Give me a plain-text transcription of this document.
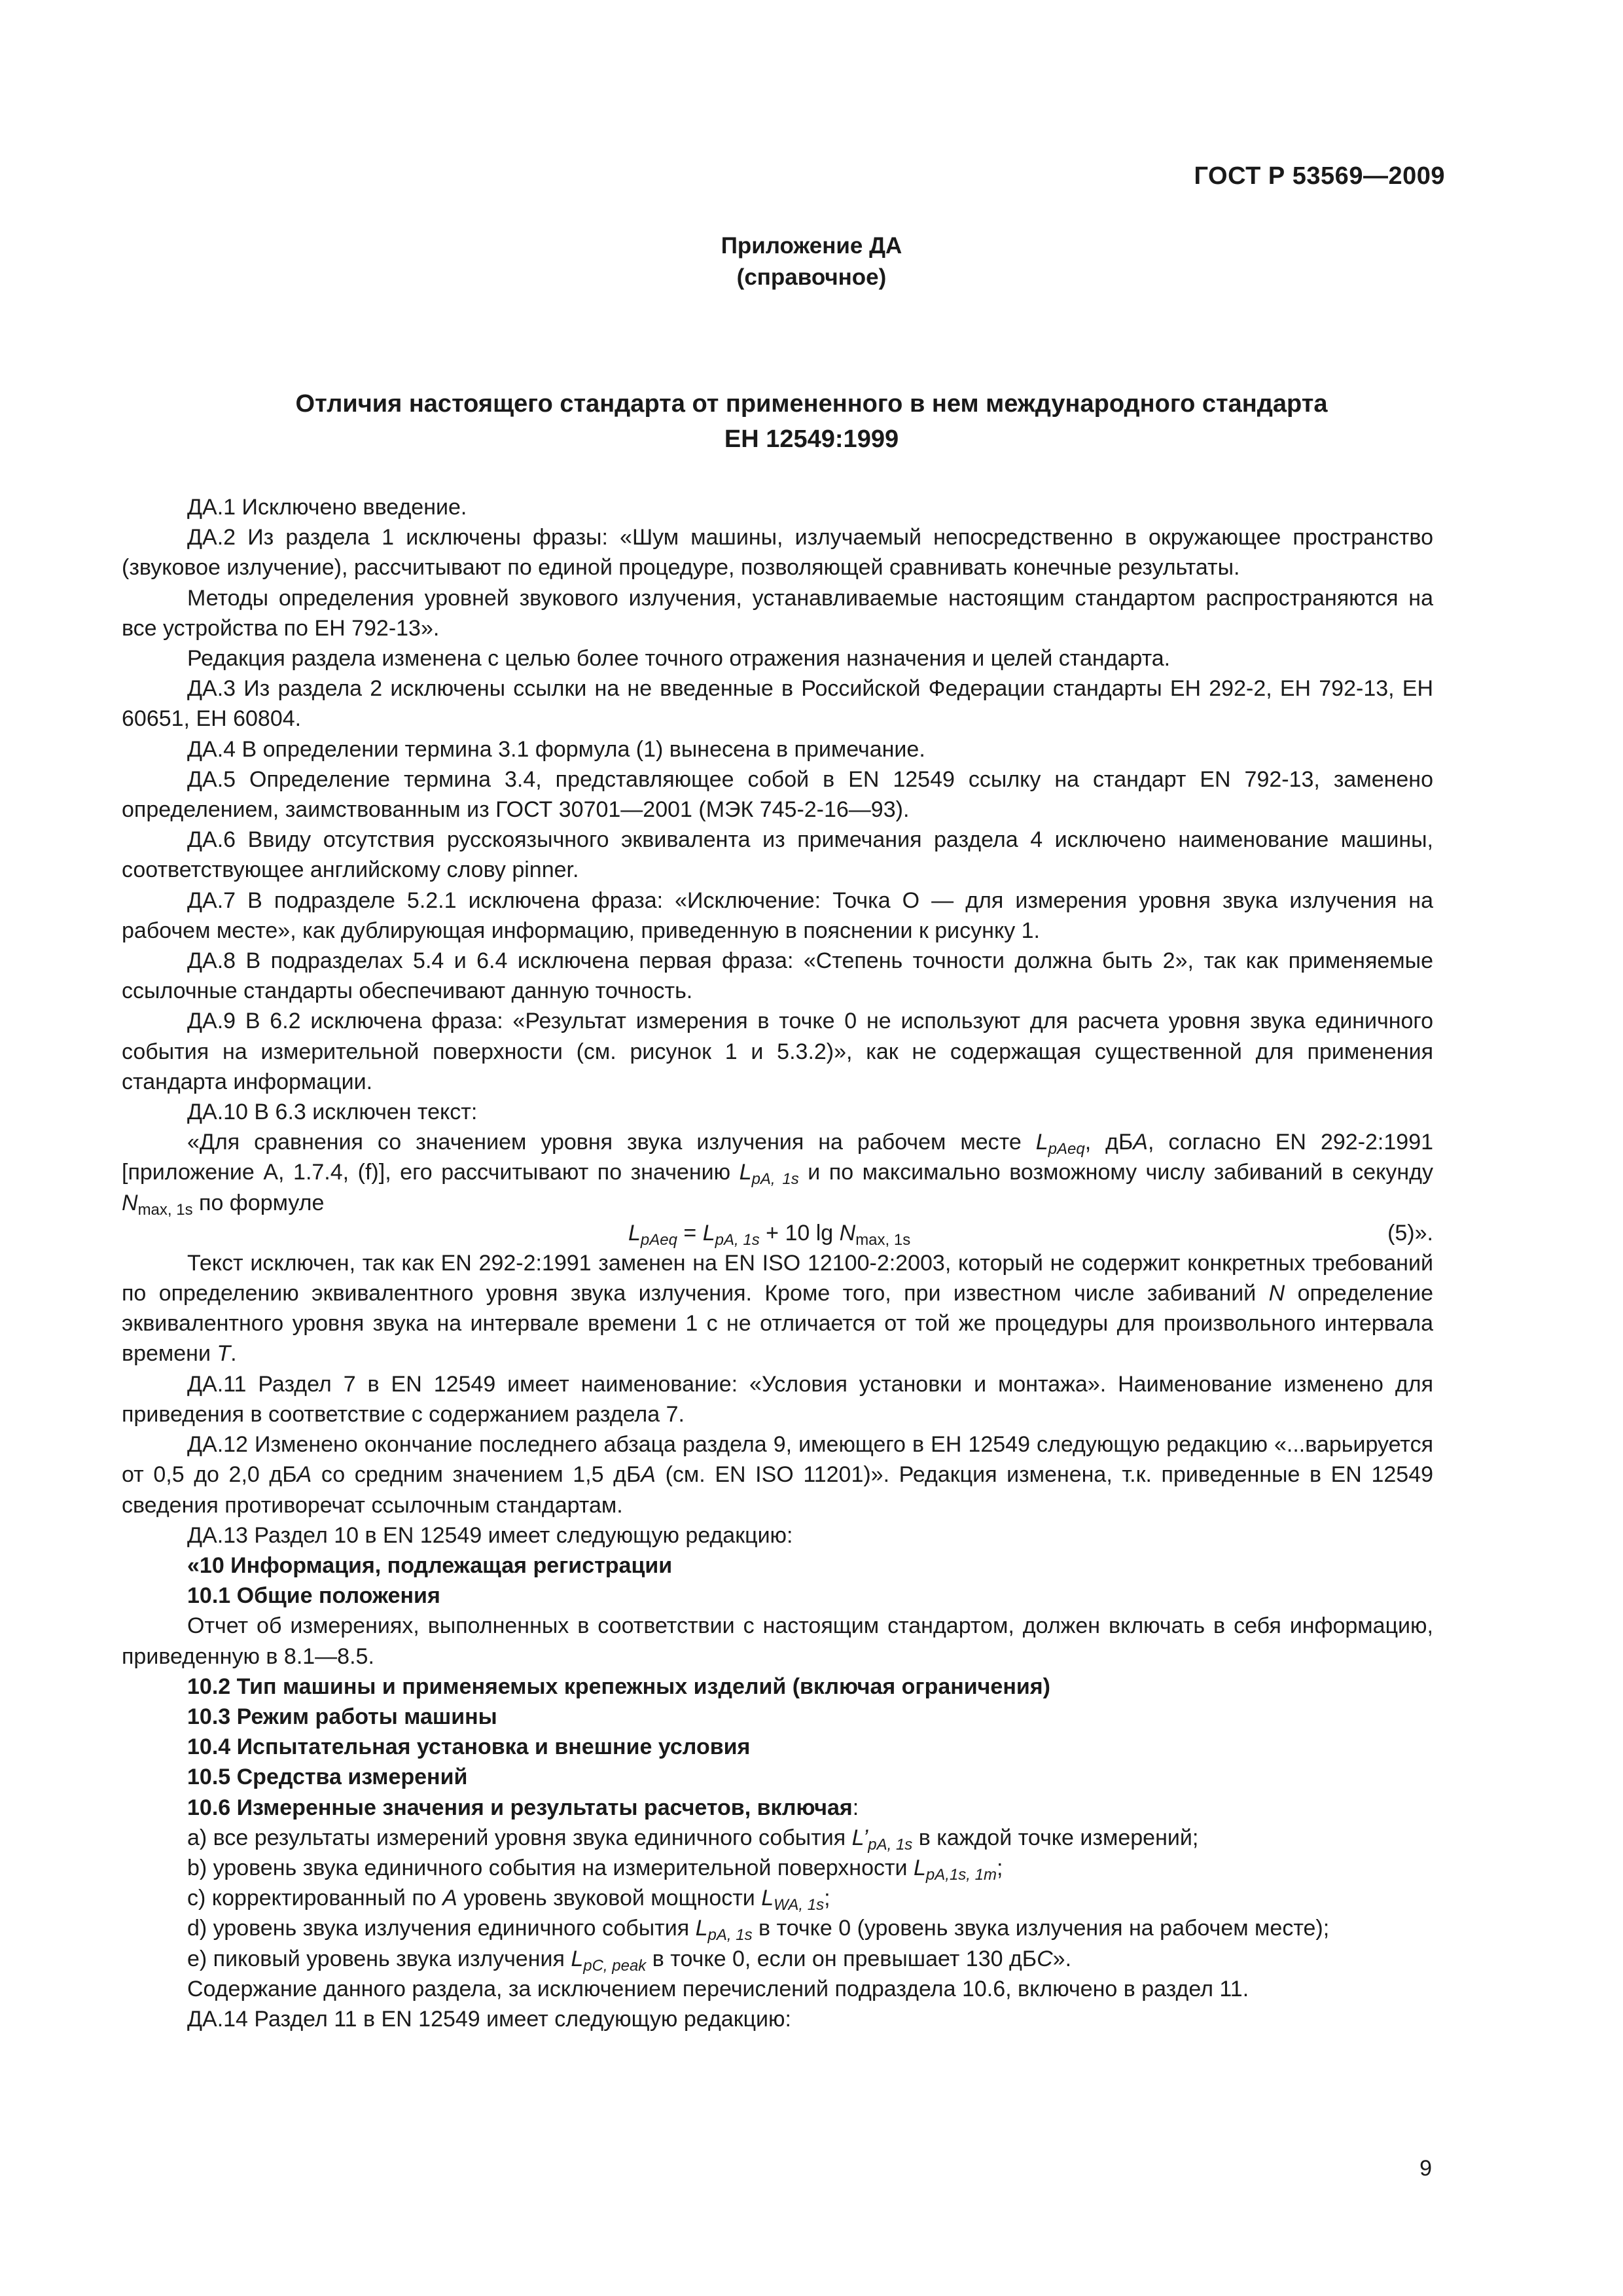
ГОСТ Р 53569—2009
Приложение ДА
(справочное)
Отличия настоящего стандарта от примененного в нем международного стандарта
ЕН 12549:1999

ДА.1 Исключено введение.

ДА.2 Из раздела 1 исключены фразы: «Шум машины, излучаемый непосредственно в окружающее пространство (звуковое излучение), рассчитывают по единой процедуре, позволяющей сравнивать конечные результаты.

Методы определения уровней звукового излучения, устанавливаемые настоящим стандартом распространяются на все устройства по ЕН 792-13».

Редакция раздела изменена с целью более точного отражения назначения и целей стандарта.

ДА.3 Из раздела 2 исключены ссылки на не введенные в Российской Федерации стандарты ЕН 292-2, ЕН 792-13, ЕН 60651, ЕН 60804.

ДА.4 В определении термина 3.1 формула (1) вынесена в примечание.

ДА.5 Определение термина 3.4, представляющее собой в EN 12549 ссылку на стандарт EN 792-13, заменено определением, заимствованным из ГОСТ 30701—2001 (МЭК 745-2-16—93).

ДА.6 Ввиду отсутствия русскоязычного эквивалента из примечания раздела 4 исключено наименование машины, соответствующее английскому слову pinner.

ДА.7 В подразделе 5.2.1 исключена фраза: «Исключение: Точка О — для измерения уровня звука излучения на рабочем месте», как дублирующая информацию, приведенную в пояснении к рисунку 1.

ДА.8 В подразделах 5.4 и 6.4 исключена первая фраза: «Степень точности должна быть 2», так как применяемые ссылочные стандарты обеспечивают данную точность.

ДА.9 В 6.2 исключена фраза: «Результат измерения в точке 0 не используют для расчета уровня звука единичного события на измерительной поверхности (см. рисунок 1 и 5.3.2)», как не содержащая существенной для применения стандарта информации.

ДА.10 В 6.3 исключен текст:

«Для сравнения со значением уровня звука излучения на рабочем месте $L_{pAeq}$, дБА, согласно EN 292-2:1991 [приложение А, 1.7.4, (f)], его рассчитывают по значению $L_{pA, 1s}$ и по максимально возможному числу забиваний в секунду $N_{max, 1s}$ по формуле

$L_{pAeq} = L_{pA, 1s} + 10$ $\lg N_{max, 1s}$	(5)».

Текст исключен, так как EN 292-2:1991 заменен на EN ISO 12100-2:2003, который не содержит конкретных требований по определению эквивалентного уровня звука излучения. Кроме того, при известном числе забиваний N определение эквивалентного уровня звука на интервале времени 1 с не отличается от той же процедуры для произвольного интервала времени T.

ДА.11 Раздел 7 в EN 12549 имеет наименование: «Условия установки и монтажа». Наименование изменено для приведения в соответствие с содержанием раздела 7.

ДА.12 Изменено окончание последнего абзаца раздела 9, имеющего в ЕН 12549 следующую редакцию «...варьируется от 0,5 до 2,0 дБА со средним значением 1,5 дБА (см. EN ISO 11201)». Редакция изменена, т.к. приведенные в EN 12549 сведения противоречат ссылочным стандартам.

ДА.13 Раздел 10 в EN 12549 имеет следующую редакцию:

«10 Информация, подлежащая регистрации

10.1 Общие положения

Отчет об измерениях, выполненных в соответствии с настоящим стандартом, должен включать в себя информацию, приведенную в 8.1—8.5.

10.2 Тип машины и применяемых крепежных изделий (включая ограничения)

10.3 Режим работы машины

10.4 Испытательная установка и внешние условия

10.5 Средства измерений

10.6 Измеренные значения и результаты расчетов, включая:

a) все результаты измерений уровня звука единичного события $L’_{pA, 1s}$ в каждой точке измерений;

b) уровень звука единичного события на измерительной поверхности $L_{pA,1s, 1m}$;

c) корректированный по А уровень звуковой мощности $L_{WA, 1s}$;

d) уровень звука излучения единичного события $L_{pA, 1s}$ в точке 0 (уровень звука излучения на рабочем месте);

e) пиковый уровень звука излучения $L_{pC, peak}$ в точке 0, если он превышает 130 дБС».

Содержание данного раздела, за исключением перечислений подраздела 10.6, включено в раздел 11.

ДА.14 Раздел 11 в EN 12549 имеет следующую редакцию:

9
